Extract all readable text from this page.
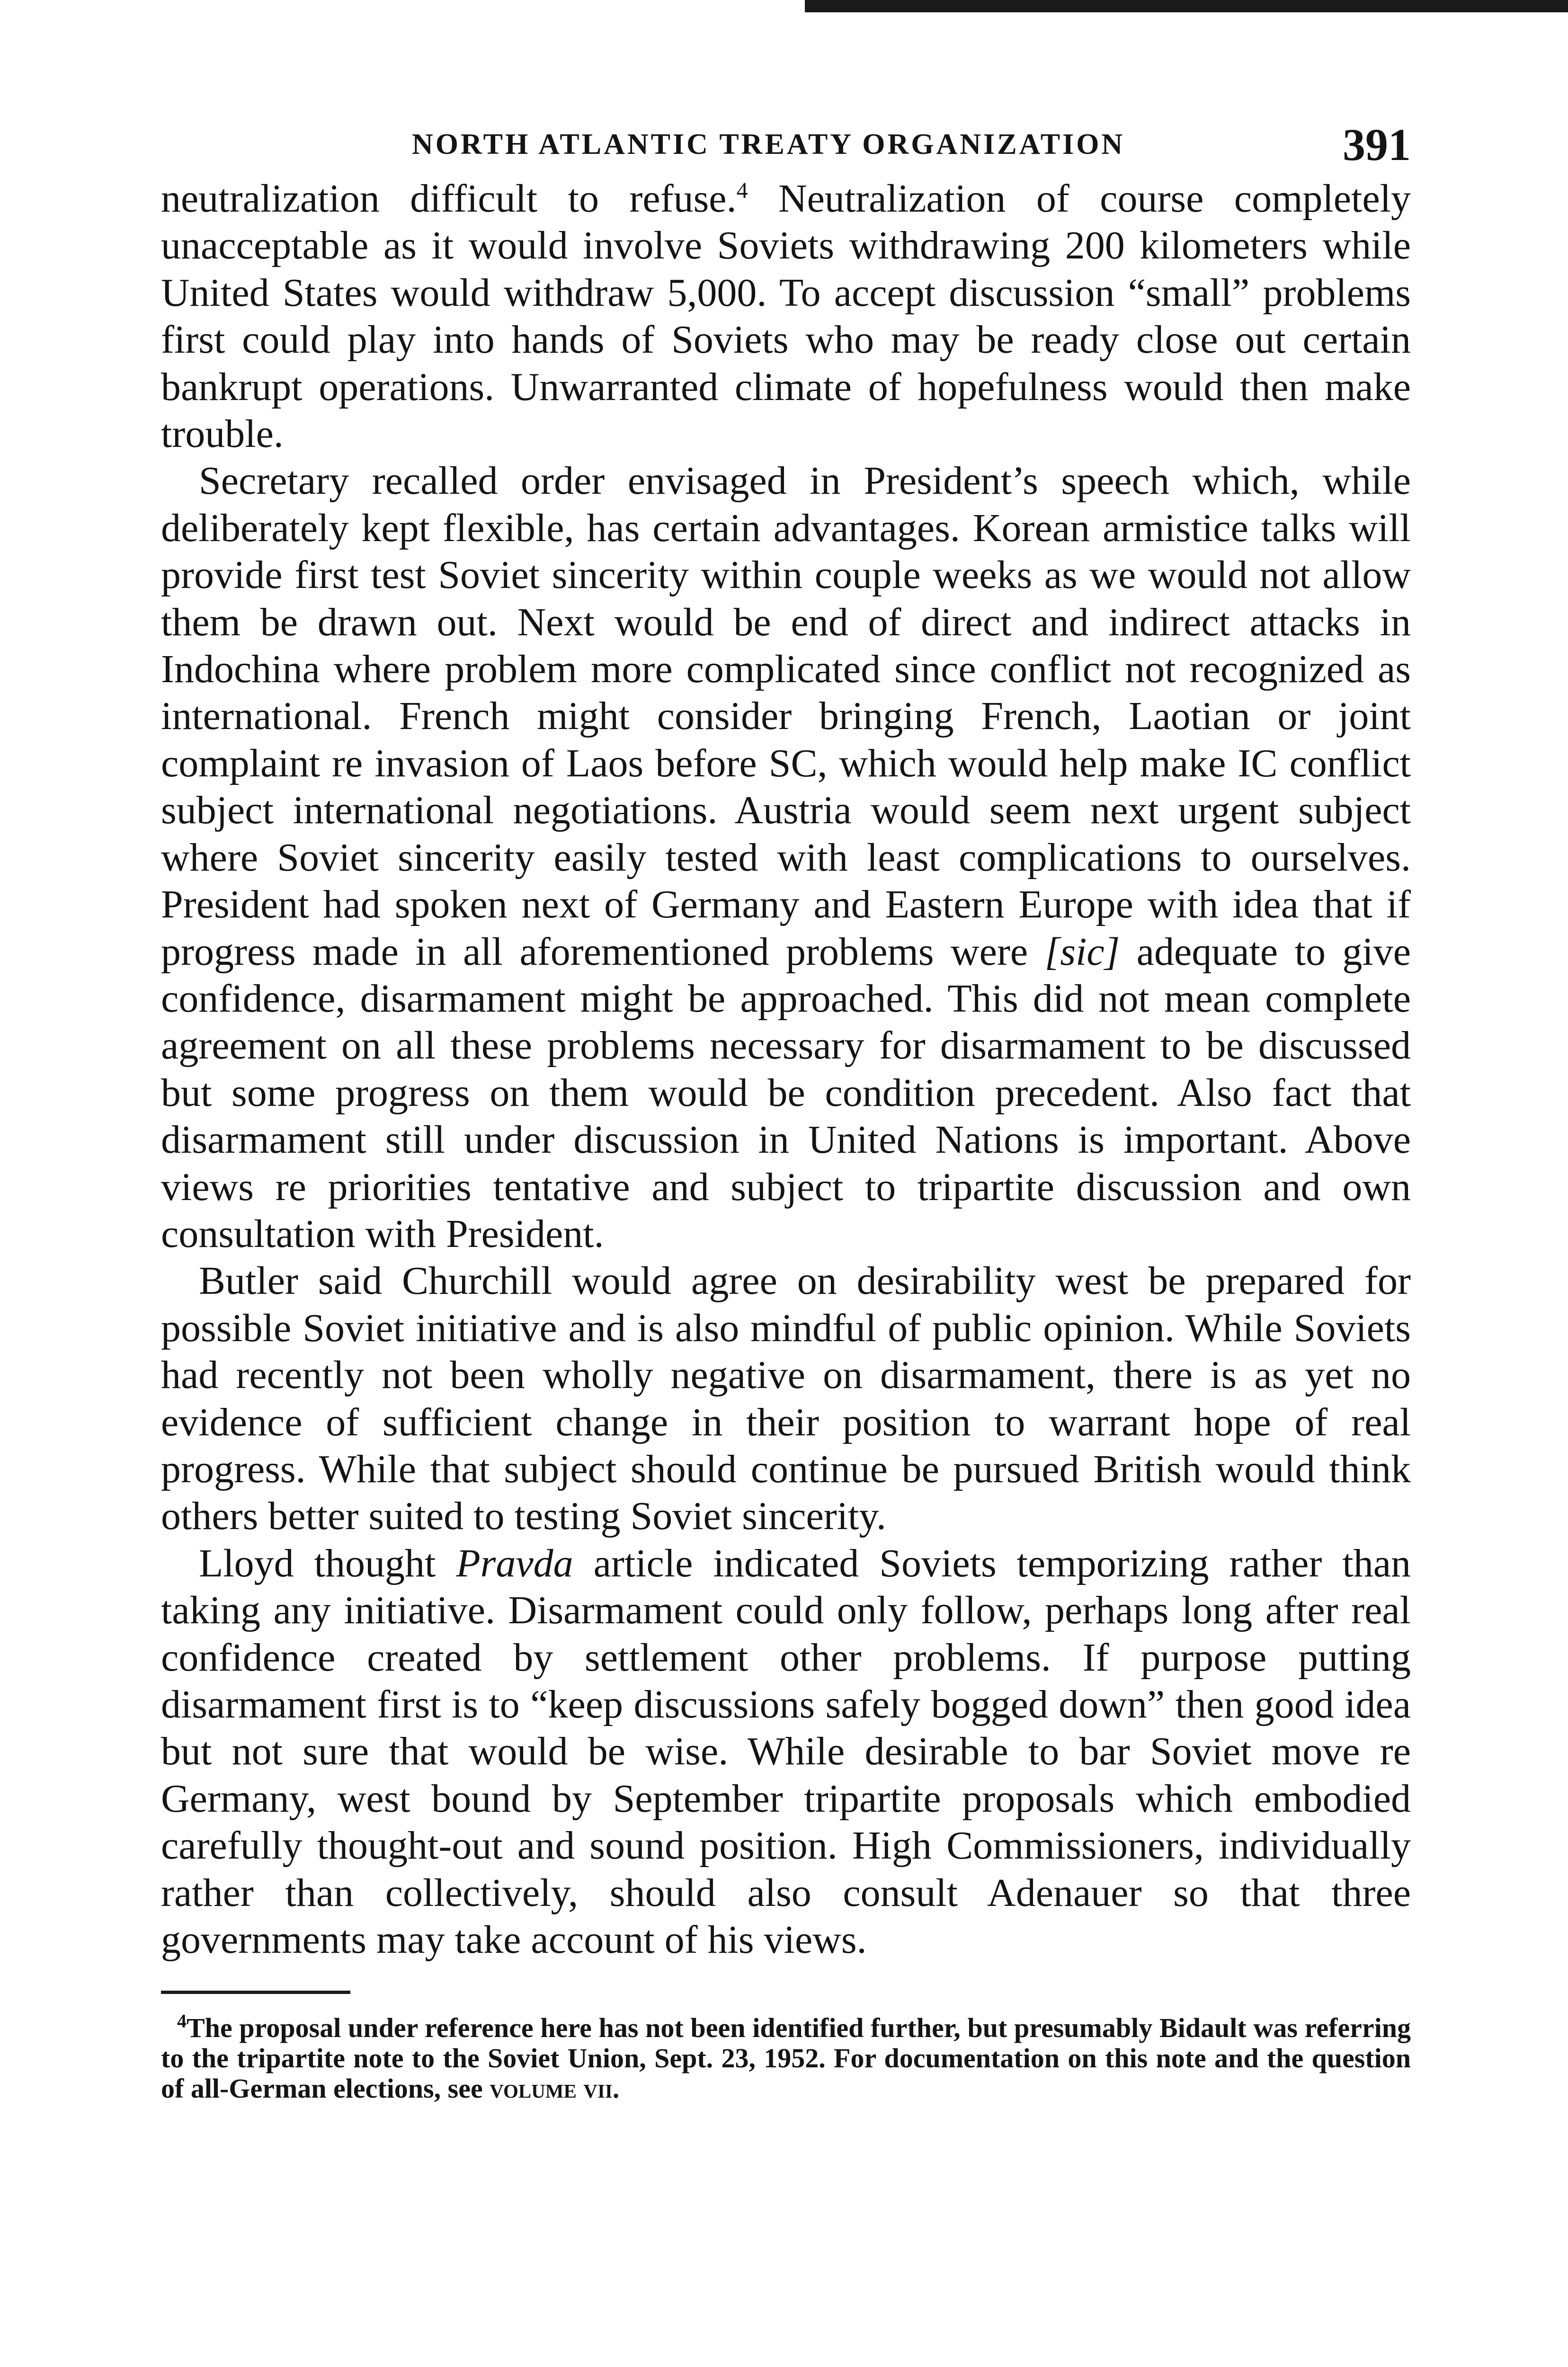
NORTH ATLANTIC TREATY ORGANIZATION	391

neutralization difficult to refuse.$^4$ Neutralization of course completely unacceptable as it would involve Soviets withdrawing 200 kilometers while United States would withdraw 5,000. To accept discussion “small” problems first could play into hands of Soviets who may be ready close out certain bankrupt operations. Unwarranted climate of hopefulness would then make trouble.

Secretary recalled order envisaged in President’s speech which, while deliberately kept flexible, has certain advantages. Korean armistice talks will provide first test Soviet sincerity within couple weeks as we would not allow them be drawn out. Next would be end of direct and indirect attacks in Indochina where problem more complicated since conflict not recognized as international. French might consider bringing French, Laotian or joint complaint re invasion of Laos before SC, which would help make IC conflict subject international negotiations. Austria would seem next urgent subject where Soviet sincerity easily tested with least complications to ourselves. President had spoken next of Germany and Eastern Europe with idea that if progress made in all aforementioned problems were [sic] adequate to give confidence, disarmament might be approached. This did not mean complete agreement on all these problems necessary for disarmament to be discussed but some progress on them would be condition precedent. Also fact that disarmament still under discussion in United Nations is important. Above views re priorities tentative and subject to tripartite discussion and own consultation with President.

Butler said Churchill would agree on desirability west be prepared for possible Soviet initiative and is also mindful of public opinion. While Soviets had recently not been wholly negative on disarmament, there is as yet no evidence of sufficient change in their position to warrant hope of real progress. While that subject should continue be pursued British would think others better suited to testing Soviet sincerity.

Lloyd thought Pravda article indicated Soviets temporizing rather than taking any initiative. Disarmament could only follow, perhaps long after real confidence created by settlement other problems. If purpose putting disarmament first is to “keep discussions safely bogged down” then good idea but not sure that would be wise. While desirable to bar Soviet move re Germany, west bound by September tripartite proposals which embodied carefully thought-out and sound position. High Commissioners, individually rather than collectively, should also consult Adenauer so that three governments may take account of his views.

$^4$The proposal under reference here has not been identified further, but presumably Bidault was referring to the tripartite note to the Soviet Union, Sept. 23, 1952. For documentation on this note and the question of all-German elections, see volume vii.
